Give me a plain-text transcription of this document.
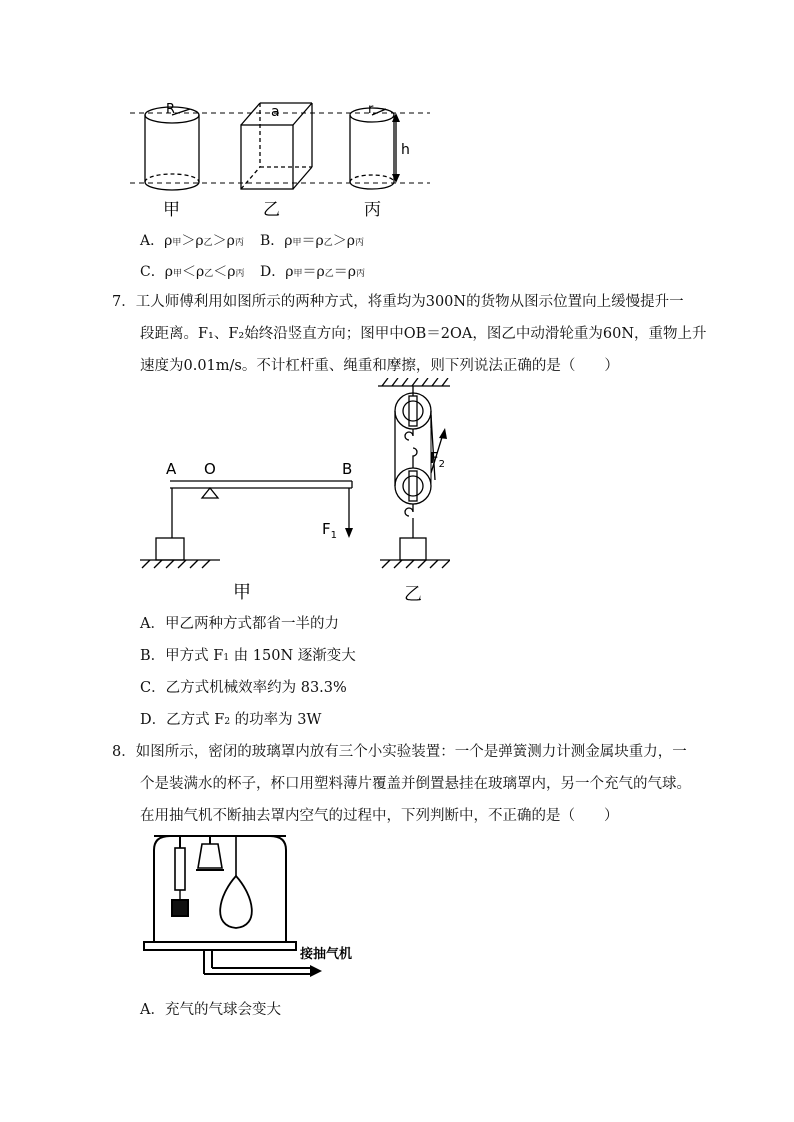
R	a	r
h
甲	乙	丙
A．ρ甲＞ρ乙＞ρ丙 B．ρ甲＝ρ乙＞ρ丙
C．ρ甲＜ρ乙＜ρ丙 D．ρ甲＝ρ乙＝ρ丙
7．工人师傅利用如图所示的两种方式，将重均为300N的货物从图示位置向上缓慢提升一
段距离。F₁、F₂始终沿竖直方向；图甲中OB＝2OA，图乙中动滑轮重为60N，重物上升
速度为0.01m/s。不计杠杆重、绳重和摩擦，则下列说法正确的是（　　）
A O	B
$F_1$
$F_2$
甲	乙
A．甲乙两种方式都省一半的力
B．甲方式 F1 由 150N 逐渐变大
C．乙方式机械效率约为 83.3%
D．乙方式 F2 的功率为 3W
8．如图所示，密闭的玻璃罩内放有三个小实验装置：一个是弹簧测力计测金属块重力，一
个是装满水的杯子，杯口用塑料薄片覆盖并倒置悬挂在玻璃罩内，另一个充气的气球。
在用抽气机不断抽去罩内空气的过程中，下列判断中，不正确的是（　　）
接抽气机
A．充气的气球会变大
